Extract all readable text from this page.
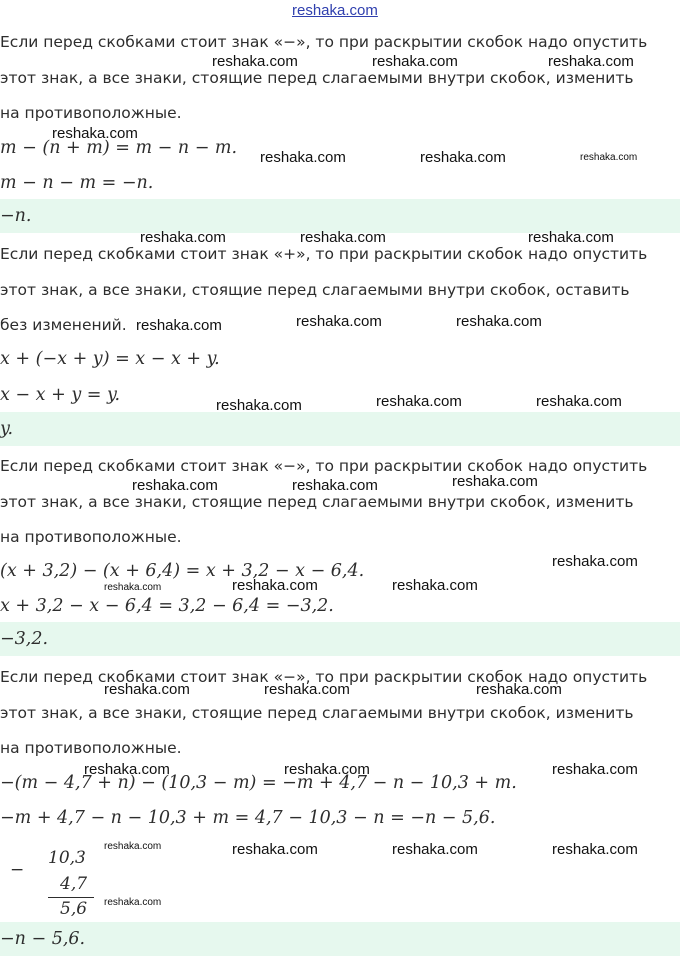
reshaka.com
Если перед скобками стоит знак «−», то при раскрытии скобок надо опустить
этот знак, а все знаки, стоящие перед слагаемыми внутри скобок, изменить
на противоположные.
m − (n + m) = m − n − m.
m − n − m = −n.
−n.
Если перед скобками стоит знак «+», то при раскрытии скобок надо опустить
этот знак, а все знаки, стоящие перед слагаемыми внутри скобок, оставить
без изменений.
x + (−x + y) = x − x + y.
x − x + y = y.
y.
Если перед скобками стоит знак «−», то при раскрытии скобок надо опустить
этот знак, а все знаки, стоящие перед слагаемыми внутри скобок, изменить
на противоположные.
(x + 3,2) − (x + 6,4) = x + 3,2 − x − 6,4.
x + 3,2 − x − 6,4 = 3,2 − 6,4 = −3,2.
−3,2.
Если перед скобками стоит знак «−», то при раскрытии скобок надо опустить
этот знак, а все знаки, стоящие перед слагаемыми внутри скобок, изменить
на противоположные.
−(m − 4,7 + n) − (10,3 − m) = −m + 4,7 − n − 10,3 + m.
−m + 4,7 − n − 10,3 + m = 4,7 − 10,3 − n = −n − 5,6.
−
10,3
4,7
5,6
−n − 5,6.
reshaka.com	reshaka.com	reshaka.com
reshaka.com
reshaka.com	reshaka.com	reshaka.com
reshaka.com	reshaka.com	reshaka.com
reshaka.com	reshaka.com	reshaka.com
reshaka.com	reshaka.com	reshaka.com
reshaka.com	reshaka.com	reshaka.com
reshaka.com
reshaka.com	reshaka.com	reshaka.com
reshaka.com	reshaka.com	reshaka.com
reshaka.com	reshaka.com	reshaka.com
reshaka.com	reshaka.com	reshaka.com	reshaka.com
reshaka.com
